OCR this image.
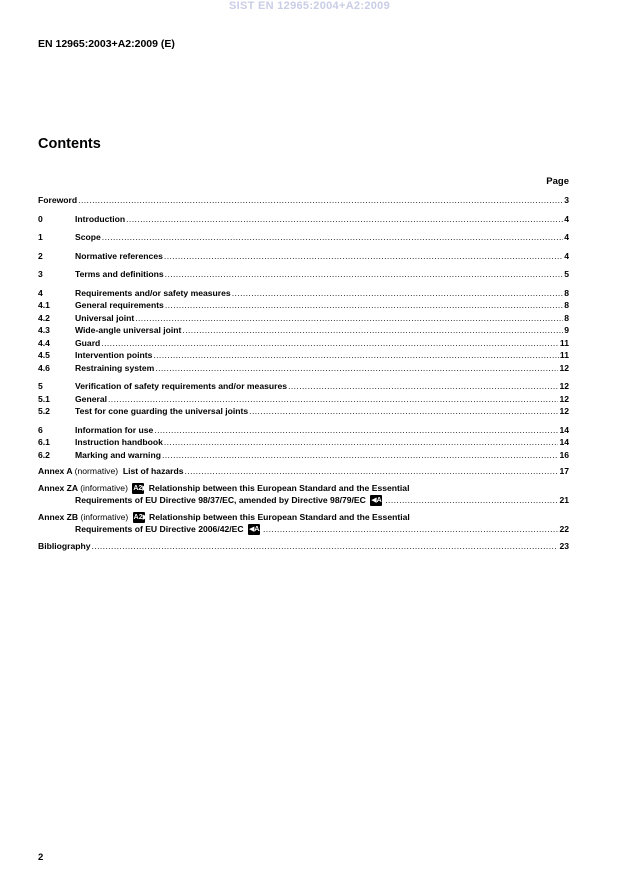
SIST EN 12965:2004+A2:2009
EN 12965:2003+A2:2009 (E)
Contents
Page
Foreword .....	3
0	Introduction .....	4
1	Scope .....	4
2	Normative references .....	4
3	Terms and definitions .....	5
4	Requirements and/or safety measures .....	8
4.1	General requirements .....	8
4.2	Universal joint .....	8
4.3	Wide-angle universal joint .....	9
4.4	Guard .....	11
4.5	Intervention points .....	11
4.6	Restraining system .....	12
5	Verification of safety requirements and/or measures .....	12
5.1	General .....	12
5.2	Test for cone guarding the universal joints .....	12
6	Information for use .....	14
6.1	Instruction handbook .....	14
6.2	Marking and warning .....	16
Annex A (normative) List of hazards .....	17
Annex ZA (informative) A2▶ Relationship between this European Standard and the Essential
Requirements of EU Directive 98/37/EC, amended by Directive 98/79/EC ◀A2 .....	21
Annex ZB (informative) A2▶ Relationship between this European Standard and the Essential
Requirements of EU Directive 2006/42/EC ◀A2 .....	22
Bibliography .....	23
2
